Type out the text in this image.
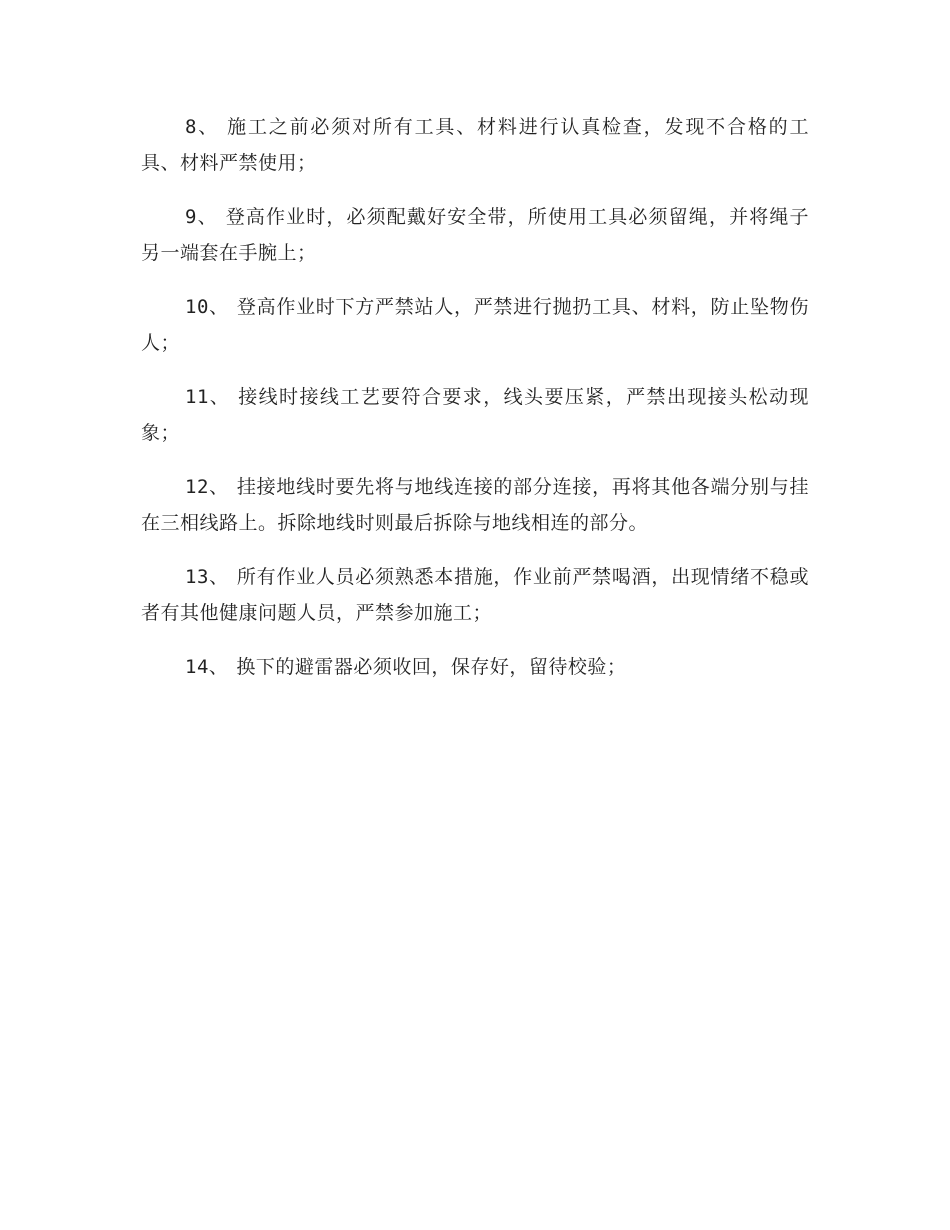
8、 施工之前必须对所有工具、材料进行认真检查，发现不合格的工具、材料严禁使用；

9、 登高作业时，必须配戴好安全带，所使用工具必须留绳，并将绳子另一端套在手腕上；

10、 登高作业时下方严禁站人，严禁进行抛扔工具、材料，防止坠物伤人；

11、 接线时接线工艺要符合要求，线头要压紧，严禁出现接头松动现象；

12、 挂接地线时要先将与地线连接的部分连接，再将其他各端分别与挂在三相线路上。拆除地线时则最后拆除与地线相连的部分。

13、 所有作业人员必须熟悉本措施，作业前严禁喝酒，出现情绪不稳或者有其他健康问题人员，严禁参加施工；

14、 换下的避雷器必须收回，保存好，留待校验；
